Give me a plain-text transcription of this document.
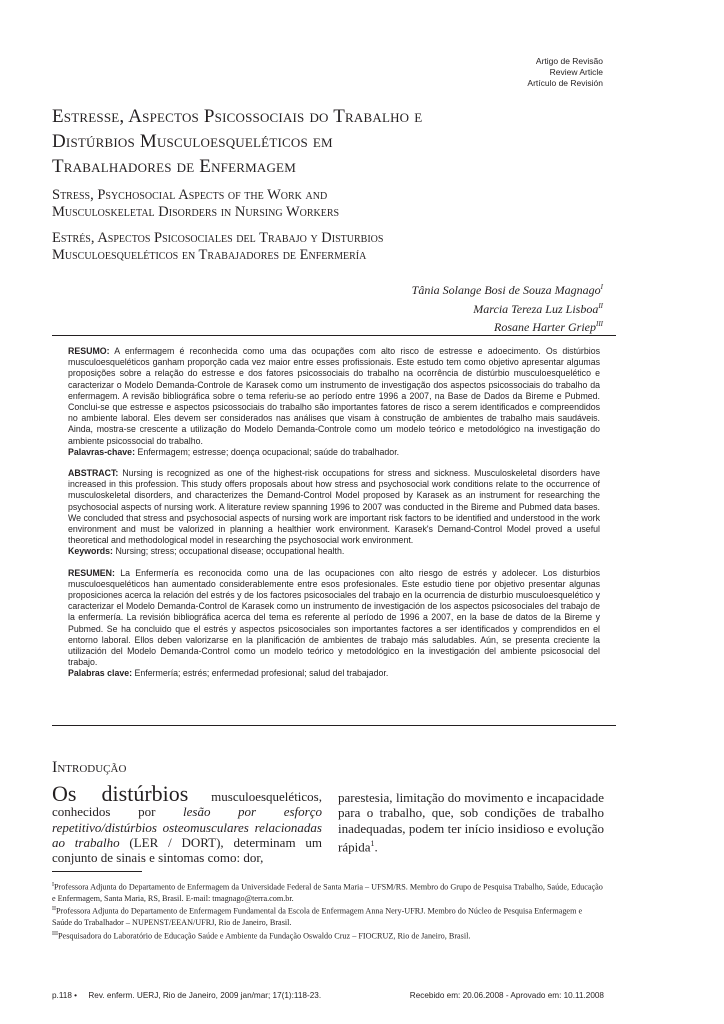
Artigo de Revisão
Review Article
Artículo de Revisión
Estresse, Aspectos Psicossociais do Trabalho e
Distúrbios Musculoesqueléticos em
Trabalhadores de Enfermagem
Stress, Psychosocial Aspects of the Work and
Musculoskeletal Disorders in Nursing Workers
Estrés, Aspectos Psicosociales del Trabajo y Disturbios
Musculoesqueléticos en Trabajadores de Enfermería
Tânia Solange Bosi de Souza Magnago$^I$
Marcia Tereza Luz Lisboa$^{II}$
Rosane Harter Griep$^{III}$

RESUMO: A enfermagem é reconhecida como uma das ocupações com alto risco de estresse e adoecimento. Os distúrbios musculoesqueléticos ganham proporção cada vez maior entre esses profissionais. Este estudo tem como objetivo apresentar algumas proposições sobre a relação do estresse e dos fatores psicossociais do trabalho na ocorrência de distúrbio musculoesquelético e caracterizar o Modelo Demanda-Controle de Karasek como um instrumento de investigação dos aspectos psicossociais do trabalho da enfermagem. A revisão bibliográfica sobre o tema referiu-se ao período entre 1996 a 2007, na Base de Dados da Bireme e Pubmed. Conclui-se que estresse e aspectos psicossociais do trabalho são importantes fatores de risco a serem identificados e compreendidos no ambiente laboral. Eles devem ser considerados nas análises que visam à construção de ambientes de trabalho mais saudáveis. Ainda, mostra-se crescente a utilização do Modelo Demanda-Controle como um modelo teórico e metodológico na investigação do ambiente psicossocial do trabalho.

Palavras-chave: Enfermagem; estresse; doença ocupacional; saúde do trabalhador.

ABSTRACT: Nursing is recognized as one of the highest-risk occupations for stress and sickness. Musculoskeletal disorders have increased in this profession. This study offers proposals about how stress and psychosocial work conditions relate to the occurrence of musculoskeletal disorders, and characterizes the Demand-Control Model proposed by Karasek as an instrument for researching the psychosocial aspects of nursing work. A literature review spanning 1996 to 2007 was conducted in the Bireme and Pubmed data bases. We concluded that stress and psychosocial aspects of nursing work are important risk factors to be identified and understood in the work environment and must be valorized in planning a healthier work environment. Karasek's Demand-Control Model proved a useful theoretical and methodological model in researching the psychosocial work environment.

Keywords: Nursing; stress; occupational disease; occupational health.

RESUMEN: La Enfermería es reconocida como una de las ocupaciones con alto riesgo de estrés y adolecer. Los disturbios musculoesqueléticos han aumentado considerablemente entre esos profesionales. Este estudio tiene por objetivo presentar algunas proposiciones acerca la relación del estrés y de los factores psicosociales del trabajo en la ocurrencia de disturbio musculoesquelético y caracterizar el Modelo Demanda-Control de Karasek como un instrumento de investigación de los aspectos psicosociales del trabajo de la enfermería. La revisión bibliográfica acerca del tema es referente al período de 1996 a 2007, en la base de datos de la Bireme y Pubmed. Se ha concluido que el estrés y aspectos psicosociales son importantes factores a ser identificados y comprendidos en el entorno laboral. Ellos deben valorizarse en la planificación de ambientes de trabajo más saludables. Aún, se presenta creciente la utilización del Modelo Demanda-Control como un modelo teórico y metodológico en la investigación del ambiente psicosocial del trabajo.

Palabras clave: Enfermería; estrés; enfermedad profesional; salud del trabajador.

Introdução
Os distúrbios musculoesqueléticos, conhecidos por lesão por esforço repetitivo/distúrbios osteomusculares relacionadas ao trabalho (LER / DORT), determinam um conjunto de sinais e sintomas como: dor,
parestesia, limitação do movimento e incapacidade para o trabalho, que, sob condições de trabalho inadequadas, podem ter início insidioso e evolução rápida$^1$.

$^I$Professora Adjunta do Departamento de Enfermagem da Universidade Federal de Santa Maria – UFSM/RS. Membro do Grupo de Pesquisa Trabalho, Saúde, Educação e Enfermagem, Santa Maria, RS, Brasil. E-mail: tmagnago@terra.com.br.

$^{II}$Professora Adjunta do Departamento de Enfermagem Fundamental da Escola de Enfermagem Anna Nery-UFRJ. Membro do Núcleo de Pesquisa Enfermagem e Saúde do Trabalhador – NUPENST/EEAN/UFRJ, Rio de Janeiro, Brasil.

$^{III}$Pesquisadora do Laboratório de Educação Saúde e Ambiente da Fundação Oswaldo Cruz – FIOCRUZ, Rio de Janeiro, Brasil.

p.118 •     Rev. enferm. UERJ, Rio de Janeiro, 2009 jan/mar; 17(1):118-23.	Recebido em: 20.06.2008 - Aprovado em: 10.11.2008
